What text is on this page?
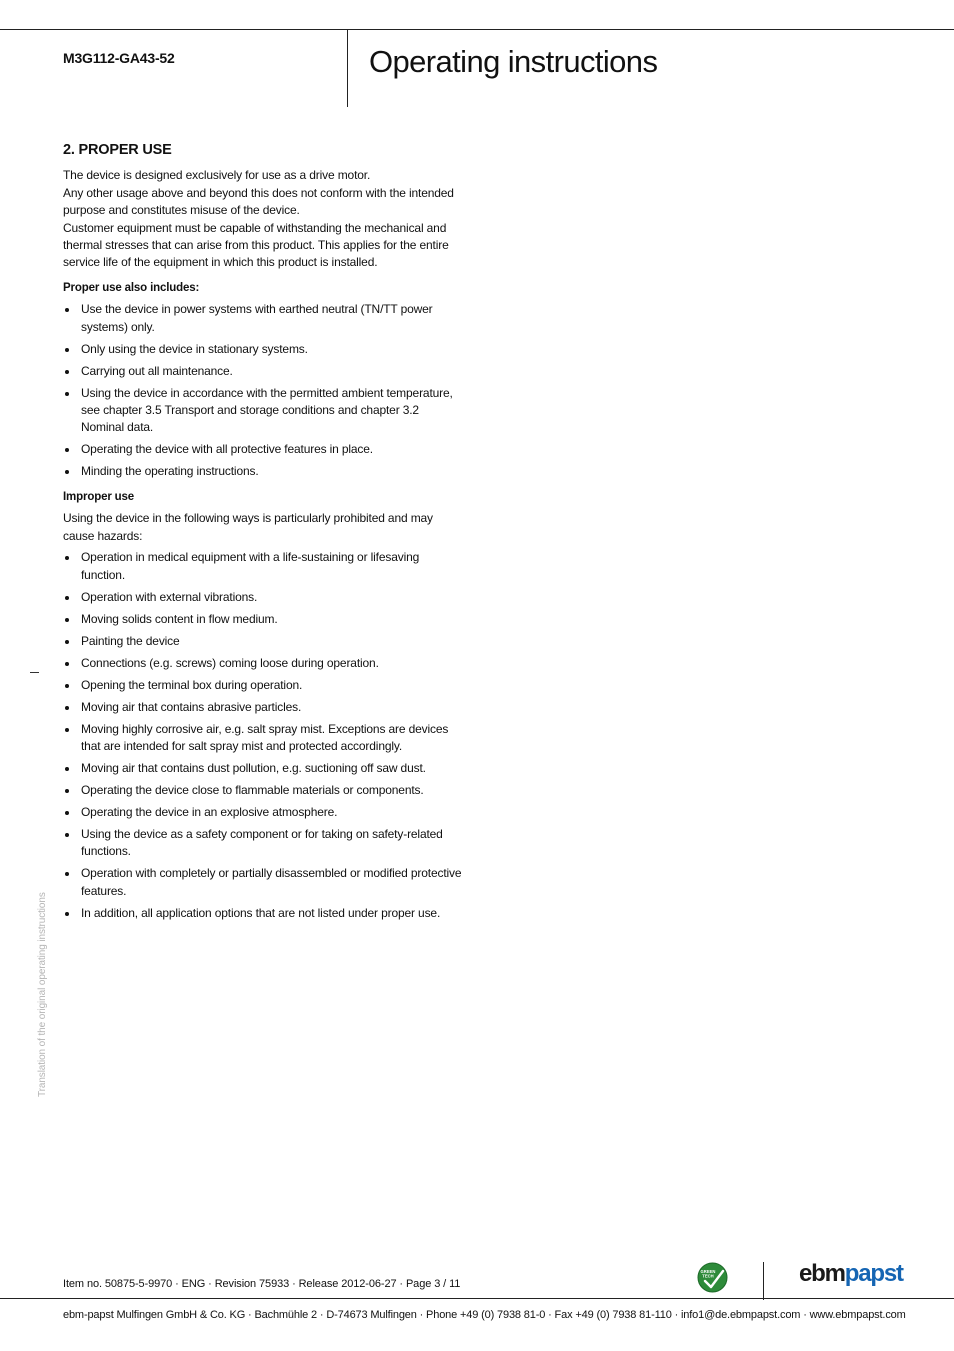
M3G112-GA43-52	Operating instructions
2. PROPER USE

The device is designed exclusively for use as a drive motor.

Any other usage above and beyond this does not conform with the intended purpose and constitutes misuse of the device.

Customer equipment must be capable of withstanding the mechanical and thermal stresses that can arise from this product. This applies for the entire service life of the equipment in which this product is installed.

Proper use also includes:
Use the device in power systems with earthed neutral (TN/TT power systems) only.
Only using the device in stationary systems.
Carrying out all maintenance.
Using the device in accordance with the permitted ambient temperature, see chapter 3.5 Transport and storage conditions and chapter 3.2 Nominal data.
Operating the device with all protective features in place.
Minding the operating instructions.
Improper use

Using the device in the following ways is particularly prohibited and may cause hazards:

Operation in medical equipment with a life-sustaining or lifesaving function.
Operation with external vibrations.
Moving solids content in flow medium.
Painting the device
Connections (e.g. screws) coming loose during operation.
Opening the terminal box during operation.
Moving air that contains abrasive particles.
Moving highly corrosive air, e.g. salt spray mist. Exceptions are devices that are intended for salt spray mist and protected accordingly.
Moving air that contains dust pollution, e.g. suctioning off saw dust.
Operating the device close to flammable materials or components.
Operating the device in an explosive atmosphere.
Using the device as a safety component or for taking on safety-related functions.
Operation with completely or partially disassembled or modified protective features.
In addition, all application options that are not listed under proper use.
Translation of the original operating instructions
Item no. 50875-5-9970 · ENG · Revision 75933 · Release 2012-06-27 · Page 3 / 11
GREEN
TECH	ebmpapst
ebm-papst Mulfingen GmbH & Co. KG · Bachmühle 2 · D-74673 Mulfingen · Phone +49 (0) 7938 81-0 · Fax +49 (0) 7938 81-110 · info1@de.ebmpapst.com · www.ebmpapst.com
